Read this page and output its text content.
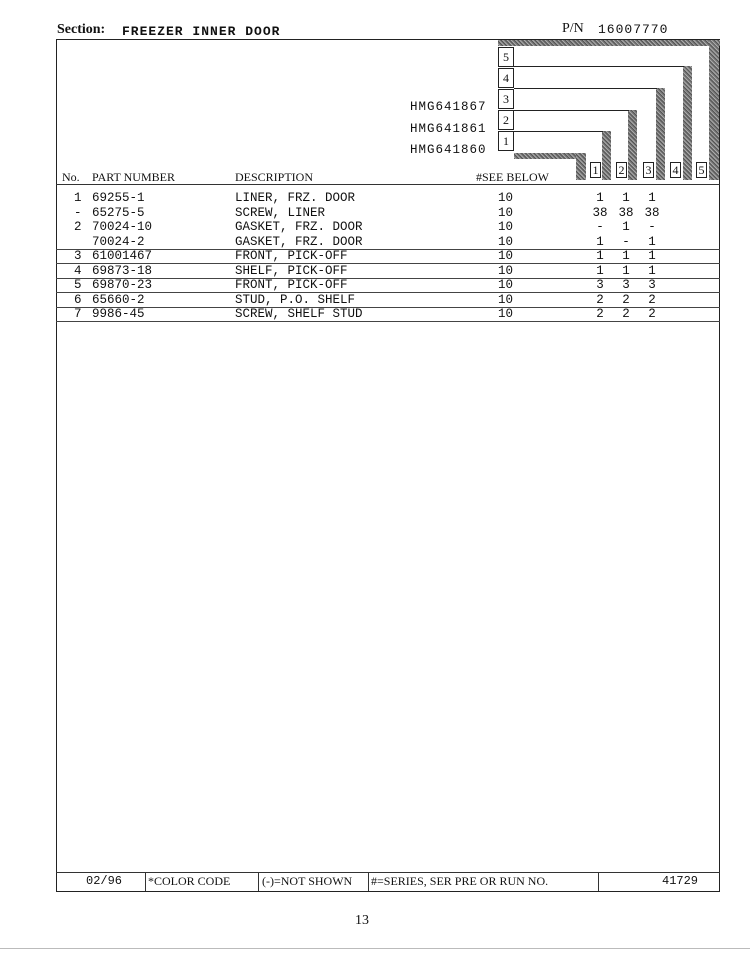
Section: FREEZER INNER DOOR	P/N 16007770
5
4
3
2
1
HMG641867
HMG641861
HMG641860
1 2 3 4 5
No. PART NUMBER	DESCRIPTION	#SEE BELOW
1 69255-1	LINER, FRZ. DOOR	10	1	1	1
- 65275-5	SCREW, LINER	10	38 38 38
2 70024-10	GASKET, FRZ. DOOR	10	-	1	-
70024-2	GASKET, FRZ. DOOR	10	1	-	1
3 61001467	FRONT, PICK-OFF	10	1	1	1
4 69873-18	SHELF, PICK-OFF	10	1	1	1
5 69870-23	FRONT, PICK-OFF	10	3	3	3
6 65660-2	STUD, P.O. SHELF	10	2	2	2
7 9986-45	SCREW, SHELF STUD	10	2	2	2
02/96 *COLOR CODE	(-)=NOT SHOWN #=SERIES, SER PRE OR RUN NO.	41729
13
